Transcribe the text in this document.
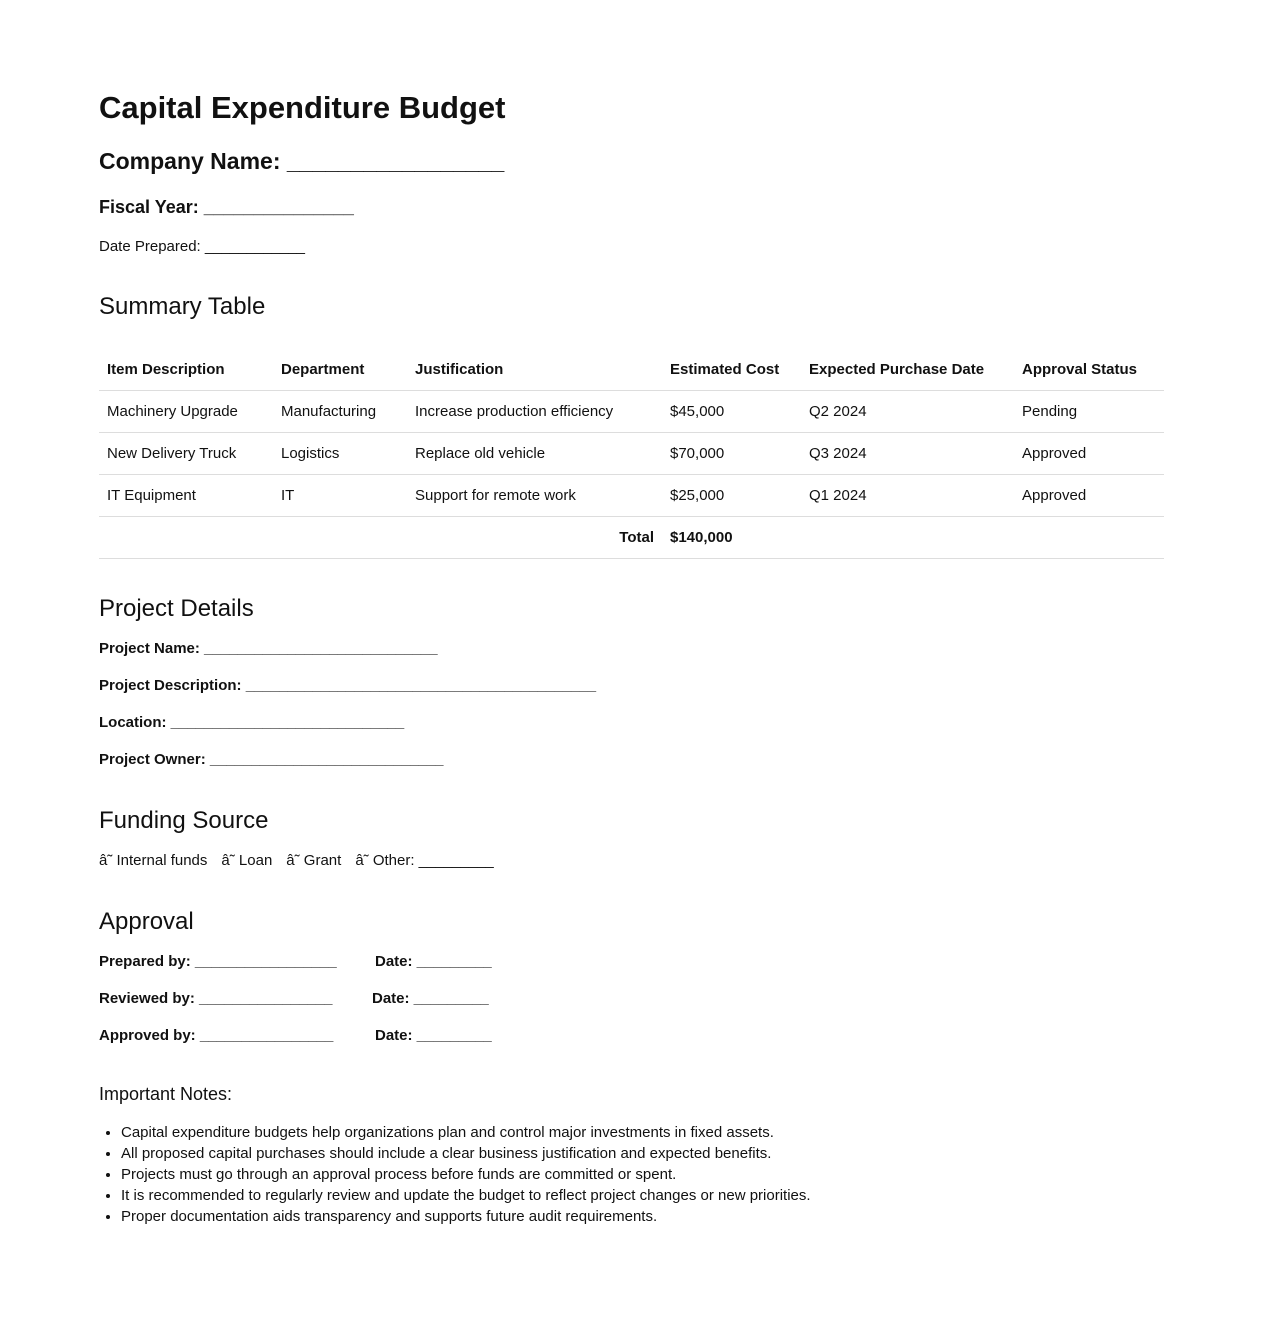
Capital Expenditure Budget
Company Name: _________________
Fiscal Year: _______________
Date Prepared: ____________
Summary Table
Item Description	Department	Justification	Estimated Cost	Expected Purchase Date	Approval Status
Machinery Upgrade	Manufacturing	Increase production efficiency	$45,000	Q2 2024	Pending
New Delivery Truck	Logistics	Replace old vehicle	$70,000	Q3 2024	Approved
IT Equipment	IT	Support for remote work	$25,000	Q1 2024	Approved
Total			$140,000		
Project Details
Project Name: ____________________________
Project Description: __________________________________________
Location: ____________________________
Project Owner: ____________________________
Funding Source
â˜ Internal funds â˜ Loan â˜ Grant â˜ Other: _________
Approval
Prepared by: _________________	Date: _________
Reviewed by: ________________	Date: _________
Approved by: ________________	Date: _________
Important Notes:
• Capital expenditure budgets help organizations plan and control major investments in fixed assets.
• All proposed capital purchases should include a clear business justification and expected benefits.
• Projects must go through an approval process before funds are committed or spent.
• It is recommended to regularly review and update the budget to reflect project changes or new priorities.
• Proper documentation aids transparency and supports future audit requirements.
